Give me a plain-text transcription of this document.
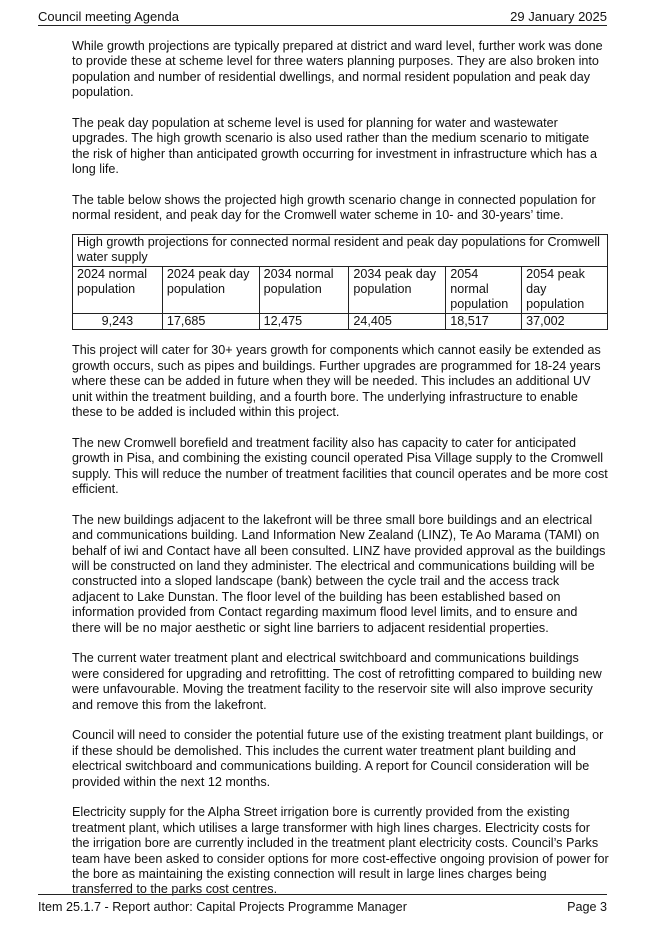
Council meeting Agenda	29 January 2025

While growth projections are typically prepared at district and ward level, further work was done to provide these at scheme level for three waters planning purposes. They are also broken into population and number of residential dwellings, and normal resident population and peak day population.

The peak day population at scheme level is used for planning for water and wastewater upgrades. The high growth scenario is also used rather than the medium scenario to mitigate the risk of higher than anticipated growth occurring for investment in infrastructure which has a long life.

The table below shows the projected high growth scenario change in connected population for normal resident, and peak day for the Cromwell water scheme in 10- and 30-years’ time.

High growth projections for connected normal resident and peak day populations for Cromwell water supply					
2024 normal population	2024 peak day population	2034 normal population	2034 peak day population	2054 normal population	2054 peak day population
9,243	17,685	12,475	24,405	18,517	37,002

This project will cater for 30+ years growth for components which cannot easily be extended as growth occurs, such as pipes and buildings. Further upgrades are programmed for 18-24 years where these can be added in future when they will be needed. This includes an additional UV unit within the treatment building, and a fourth bore. The underlying infrastructure to enable these to be added is included within this project.

The new Cromwell borefield and treatment facility also has capacity to cater for anticipated growth in Pisa, and combining the existing council operated Pisa Village supply to the Cromwell supply. This will reduce the number of treatment facilities that council operates and be more cost efficient.

The new buildings adjacent to the lakefront will be three small bore buildings and an electrical and communications building. Land Information New Zealand (LINZ), Te Ao Marama (TAMI) on behalf of iwi and Contact have all been consulted. LINZ have provided approval as the buildings will be constructed on land they administer. The electrical and communications building will be constructed into a sloped landscape (bank) between the cycle trail and the access track adjacent to Lake Dunstan. The floor level of the building has been established based on information provided from Contact regarding maximum flood level limits, and to ensure and there will be no major aesthetic or sight line barriers to adjacent residential properties.

The current water treatment plant and electrical switchboard and communications buildings were considered for upgrading and retrofitting. The cost of retrofitting compared to building new were unfavourable. Moving the treatment facility to the reservoir site will also improve security and remove this from the lakefront.

Council will need to consider the potential future use of the existing treatment plant buildings, or if these should be demolished. This includes the current water treatment plant building and electrical switchboard and communications building. A report for Council consideration will be provided within the next 12 months.

Electricity supply for the Alpha Street irrigation bore is currently provided from the existing treatment plant, which utilises a large transformer with high lines charges. Electricity costs for the irrigation bore are currently included in the treatment plant electricity costs. Council’s Parks team have been asked to consider options for more cost-effective ongoing provision of power for the bore as maintaining the existing connection will result in large lines charges being transferred to the parks cost centres.

Item 25.1.7 - Report author: Capital Projects Programme Manager	Page 3
